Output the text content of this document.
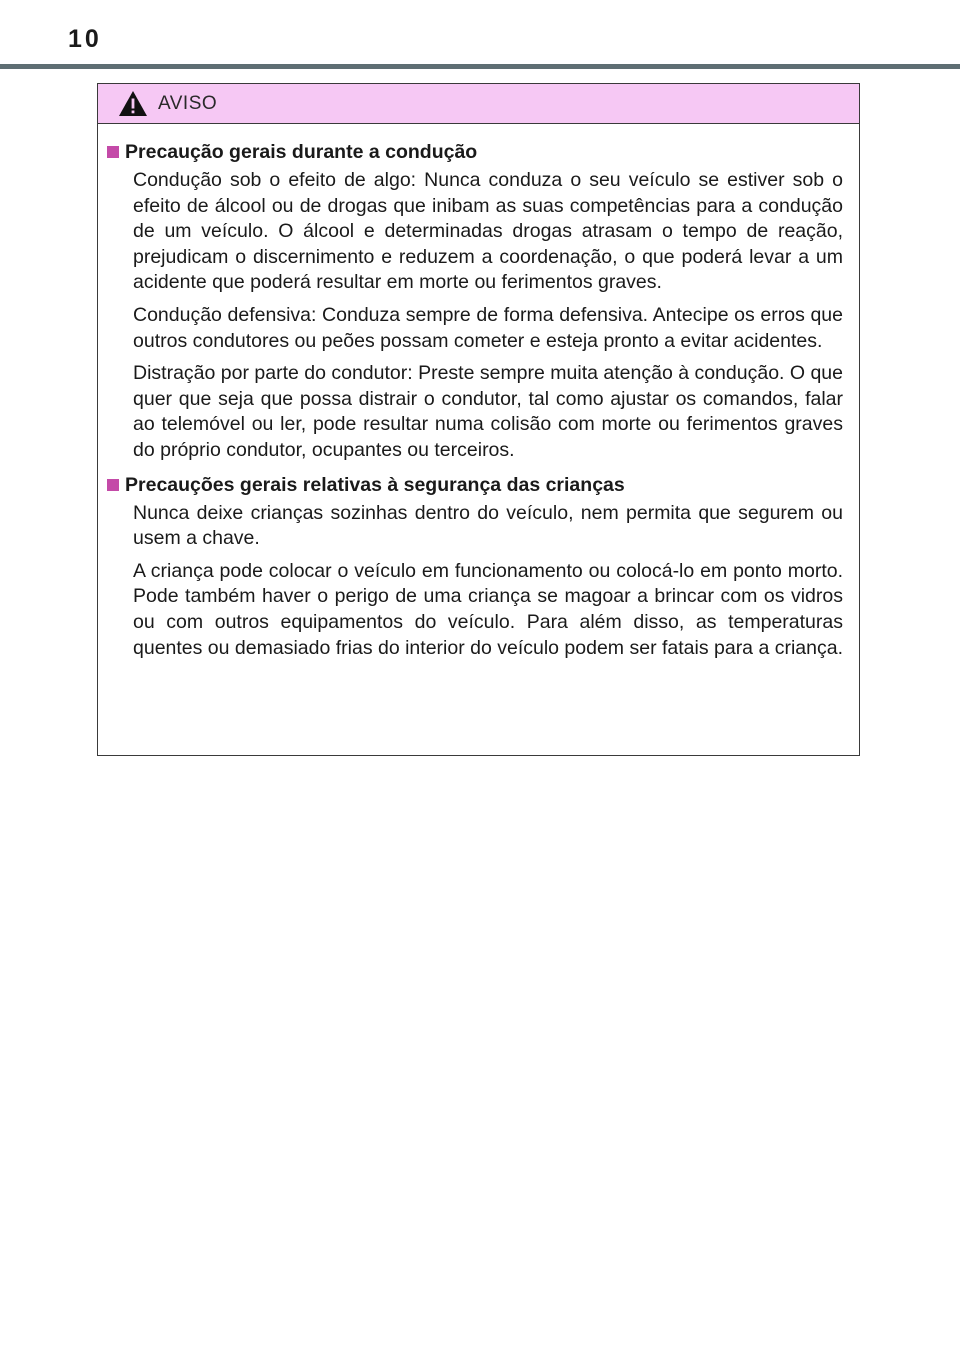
10
AVISO
Precaução gerais durante a condução

Condução sob o efeito de algo: Nunca conduza o seu veículo se estiver sob o efeito de álcool ou de drogas que inibam as suas competências para a condução de um veículo. O álcool e determinadas drogas atrasam o tempo de reação, prejudicam o discernimento e reduzem a coordenação, o que poderá levar a um acidente que poderá resultar em morte ou ferimentos graves.

Condução defensiva: Conduza sempre de forma defensiva. Antecipe os erros que outros condutores ou peões possam cometer e esteja pronto a evitar acidentes.

Distração por parte do condutor: Preste sempre muita atenção à condução. O que quer que seja que possa distrair o condutor, tal como ajustar os comandos, falar ao telemóvel ou ler, pode resultar numa colisão com morte ou ferimentos graves do próprio condutor, ocupantes ou terceiros.

Precauções gerais relativas à segurança das crianças

Nunca deixe crianças sozinhas dentro do veículo, nem permita que segurem ou usem a chave.

A criança pode colocar o veículo em funcionamento ou colocá-lo em ponto morto. Pode também haver o perigo de uma criança se magoar a brincar com os vidros ou com outros equipamentos do veículo. Para além disso, as temperaturas quentes ou demasiado frias do interior do veículo podem ser fatais para a criança.
